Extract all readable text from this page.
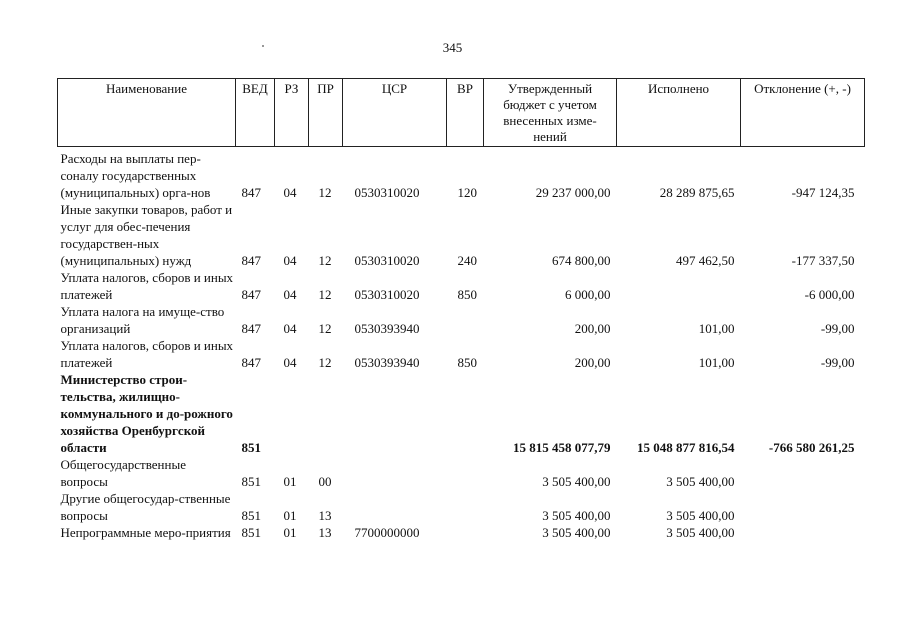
345
Наименование	ВЕД	РЗ	ПР	ЦСР	ВР	Утвержденный бюджет с учетом внесенных изме-нений	Исполнено	Отклонение (+, -)
Расходы на выплаты пер-соналу государственных (муниципальных) орга-нов	847	04	12	0530310020	120	29 237 000,00	28 289 875,65	-947 124,35
Иные закупки товаров, работ и услуг для обес-печения государствен-ных (муниципальных) нужд	847	04	12	0530310020	240	674 800,00	497 462,50	-177 337,50
Уплата налогов, сборов и иных платежей	847	04	12	0530310020	850	6 000,00		-6 000,00
Уплата налога на имуще-ство организаций	847	04	12	0530393940		200,00	101,00	-99,00
Уплата налогов, сборов и иных платежей	847	04	12	0530393940	850	200,00	101,00	-99,00
Министерство строи-тельства, жилищно-коммунального и до-рожного хозяйства Оренбургской области	851					15 815 458 077,79	15 048 877 816,54	-766 580 261,25
Общегосударственные вопросы	851	01	00			3 505 400,00	3 505 400,00	
Другие общегосудар-ственные вопросы	851	01	13			3 505 400,00	3 505 400,00	
Непрограммные меро-приятия	851	01	13	7700000000		3 505 400,00	3 505 400,00	
